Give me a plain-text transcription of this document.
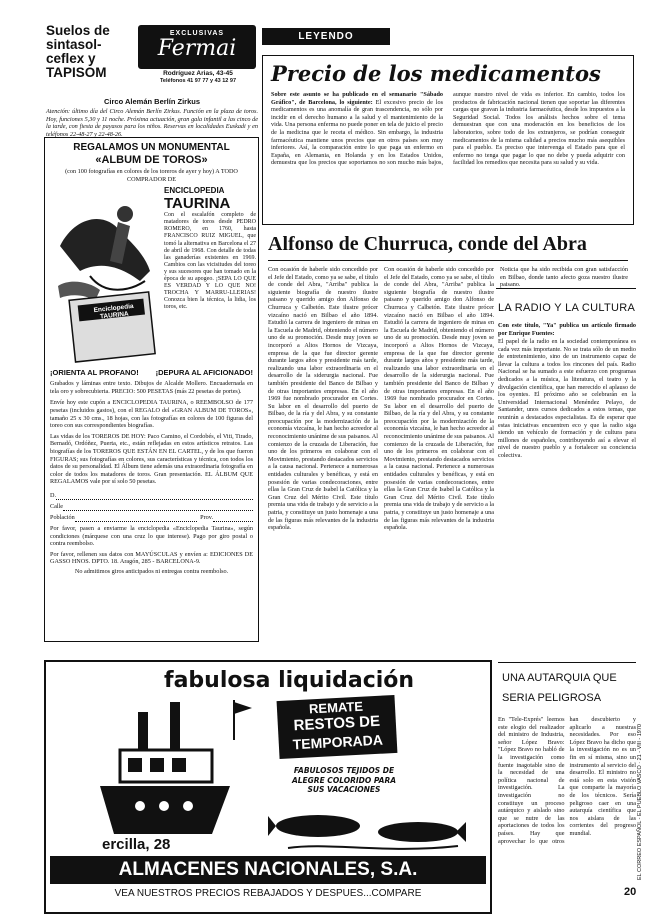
Suelos de
sintasol-
ceflex y
TAPISOM
EXCLUSIVAS
Fermai
Rodríguez Arias, 43-45
Teléfonos 41 97 77 y 43 12 97
Circo Alemán Berlín Zirkus
Atención: último día del Circo Alemán Berlín Zirkus. Función en la plaza de toros. Hoy, funciones 5,30 y 11 noche. Próxima actuación, gran gala infantil a las cinco de la tarde, con fiesta de payasos para los niños. Reservas en localidades Euskadi y en teléfonos 22-48-27 y 22-48-26.
REGALAMOS UN MONUMENTAL
«ALBUM DE TOROS»
(con 100 fotografías en colores de los toreros de ayer y hoy) A TODO COMPRADOR DE
Enciclopedia TAURINA
ENCICLOPEDIA
TAURINA
Con el escalafón completo de matadores de toros desde PEDRO ROMERO, en 1760, hasta FRANCISCO RUIZ MIGUEL, que tomó la alternativa en Barcelona el 27 de abril de 1968. Con detalle de todas las ganaderías existentes en 1969. Cambios con las vicisitudes del toreo y sus sucesores que han tomado en la época de su apogeo. ¡SEPA LO QUE ES VERDAD Y LO QUE NO! TROCHA Y MARRU-LLERIAS! Conozca bien la técnica, la lidia, los toros, etc.
¡ORIENTA AL PROFANO! ¡DEPURA AL AFICIONADO!
Grabados y láminas entre texto. Dibujos de Alcalde Mollero. Encuadernada en tela oro y sobrecubierta. PRECIO: 500 PESETAS (más 22 pesetas de portes).
Envíe hoy este cupón a ENCICLOPEDIA TAURINA, o REEMBOLSO de 177 pesetas (incluidos gastos), con el REGALO del «GRAN ALBUM DE TOROS», tamaño 25 x 30 cms., 18 hojas, con las fotografías en colores de 100 figuras del toreo con sus correspondientes biografías.
Las vidas de los TOREROS DE HOY: Paco Camino, el Cordobés, el Viti, Tirado, Bernadó, Ordóñez, Puerta, etc., están reflejadas en estos artísticos retratos. Las biografías de los TOREROS QUE ESTÁN EN EL CARTEL, y de los que fueron FIGURAS; sus fotografías en colores, sus características y técnica, con todos los datos de su personalidad. El Álbum tiene además una extraordinaria fotografía en color de todos los matadores de toros. Gran presentación. EL ÁLBUM QUE REGALAMOS vale por sí solo 50 pesetas.
D.
Calle
Población	Prov.
Por favor, pasen a enviarme la enciclopedia «Enciclopedia Taurina», según condiciones (márquese con una cruz lo que interese). Pago por giro postal o contra reembolso.
Por favor, rellenen sus datos con MAYÚSCULAS y envíen a: EDICIONES DE GASSO HNOS. DPTO. 18. Aragón, 285 - BARCELONA-9.
No admitimos giros anticipados ni entregas contra reembolso.
LEYENDO PERIODICOS
Precio de los medicamentos
Sobre este asunto se ha publicado en el semanario "Sábado Gráfico", de Barcelona, lo siguiente: El excesivo precio de los medicamentos es una anomalía de gran trascendencia, no sólo por incidir en el derecho humano a la salud y el mantenimiento de la vida. Una persona enferma no puede poner en tela de juicio el precio de la medicina que le receta el médico. Sin embargo, la industria farmacéutica mantiene unos precios que en otros países son muy inferiores. Así, la comparación entre lo que paga un enfermo en España, en Alemania, en Holanda y en los Estados Unidos, demuestra que los precios que soportamos no son mucho más bajos, aunque nuestro nivel de vida es inferior. En cambio, todos los productos de fabricación nacional tienen que soportar las diferentes cargas que gravan la industria farmacéutica, desde los impuestos a la Seguridad Social. Todos los análisis hechos sobre el tema demuestran que con una moderación en los beneficios de los laboratorios, sobre todo de los extranjeros, se podrían conseguir medicamentos de la misma calidad a precios mucho más asequibles para el pueblo. Es preciso que intervenga el Estado para que el enfermo no tenga que pagar lo que no debe y pueda adquirir con facilidad los remedios que necesita para su salud y su vida.
Alfonso de Churruca, conde del Abra
Con ocasión de haberle sido concedido por el Jefe del Estado, como ya se sabe, el título de conde del Abra, "Arriba" publica la siguiente biografía de nuestro ilustre paisano y querido amigo don Alfonso de Churruca y Calbetón. Este ilustre prócer vizcaíno nació en Bilbao el año 1894. Estudió la carrera de ingeniero de minas en la Escuela de Madrid, obteniendo el número uno de su promoción. Desde muy joven se incorporó a Altos Hornos de Vizcaya, empresa de la que fue director gerente durante largos años y presidente más tarde, realizando una labor extraordinaria en el desarrollo de la siderurgia nacional. Fue también presidente del Banco de Bilbao y de otras importantes empresas. En el año 1969 fue nombrado procurador en Cortes. Su labor en el desarrollo del puerto de Bilbao, de la ría y del Abra, y su constante preocupación por la modernización de la economía vizcaína, le han hecho acreedor al reconocimiento unánime de sus paisanos. Al comienzo de la cruzada de Liberación, fue uno de los primeros en colaborar con el Movimiento, prestando destacados servicios a la causa nacional. Pertenece a numerosas entidades culturales y benéficas, y está en posesión de varias condecoraciones, entre ellas la Gran Cruz de Isabel la Católica y la Gran Cruz del Mérito Civil. Este título premia una vida de trabajo y de servicio a la patria, y constituye un justo homenaje a una de las figuras más relevantes de la industria española.
Con ocasión de haberle sido concedido por el Jefe del Estado, como ya se sabe, el título de conde del Abra, "Arriba" publica la siguiente biografía de nuestro ilustre paisano y querido amigo don Alfonso de Churruca y Calbetón. Este ilustre prócer vizcaíno nació en Bilbao el año 1894. Estudió la carrera de ingeniero de minas en la Escuela de Madrid, obteniendo el número uno de su promoción. Desde muy joven se incorporó a Altos Hornos de Vizcaya, empresa de la que fue director gerente durante largos años y presidente más tarde, realizando una labor extraordinaria en el desarrollo de la siderurgia nacional. Fue también presidente del Banco de Bilbao y de otras importantes empresas. En el año 1969 fue nombrado procurador en Cortes. Su labor en el desarrollo del puerto de Bilbao, de la ría y del Abra, y su constante preocupación por la modernización de la economía vizcaína, le han hecho acreedor al reconocimiento unánime de sus paisanos. Al comienzo de la cruzada de Liberación, fue uno de los primeros en colaborar con el Movimiento, prestando destacados servicios a la causa nacional. Pertenece a numerosas entidades culturales y benéficas, y está en posesión de varias condecoraciones, entre ellas la Gran Cruz de Isabel la Católica y la Gran Cruz del Mérito Civil. Este título premia una vida de trabajo y de servicio a la patria, y constituye un justo homenaje a una de las figuras más relevantes de la industria española.
Noticia que ha sido recibida con gran satisfacción en Bilbao, donde tanto afecto goza nuestro ilustre paisano.
LA RADIO Y LA CULTURA
Con este título, "Ya" publica un artículo firmado por Enrique Fuentes:
El papel de la radio en la sociedad contemporánea es cada vez más importante. No se trata sólo de un medio de entretenimiento, sino de un instrumento capaz de llevar la cultura a todos los rincones del país. Radio Nacional se ha sumado a este esfuerzo con programas dedicados a la música, la literatura, el teatro y la divulgación científica, que han merecido el aplauso de los oyentes. El próximo año se celebrarán en la Universidad Internacional Menéndez Pelayo, de Santander, unos cursos dedicados a estos temas, que reunirán a destacados especialistas. Es de esperar que estas iniciativas encuentren eco y que la radio siga siendo un vehículo de formación y de cultura para millones de españoles, contribuyendo así a elevar el nivel de nuestro pueblo y a fortalecer su conciencia colectiva.
UNA AUTARQUIA QUE
SERIA PELIGROSA
En "Tele-Exprés" leemos este elogio del realizador del ministro de Industria, señor López Bravo: "López Bravo no habló de la investigación como fuente inagotable sino de la necesidad de una política nacional de investigación. La investigación no constituye un proceso autárquico y aislado sino que se nutre de las aportaciones de todos los países. Hay que aprovechar lo que otros han descubierto y aplicarlo a nuestras necesidades. Por eso López Bravo ha dicho que la investigación no es un fin en sí misma, sino un instrumento al servicio del desarrollo. El ministro no está solo en esta visión que comparte la mayoría de los técnicos. Sería peligroso caer en una autarquía científica que nos aislara de las corrientes del progreso mundial.	EL CORREO ESPAÑOL - EL PUEBLO VASCO · 21 - VIII - 1970
20
fabulosa liquidación
REMATE
RESTOS DE
TEMPORADA
FABULOSOS TEJIDOS DE
ALEGRE COLORIDO PARA
SUS VACACIONES
ercilla, 28
ALMACENES NACIONALES, S.A.
VEA NUESTROS PRECIOS REBAJADOS Y DESPUES...COMPARE
